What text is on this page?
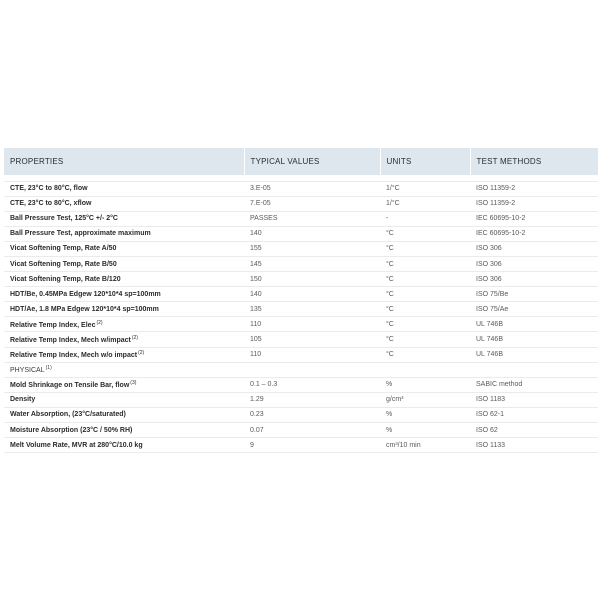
PROPERTIES	TYPICAL VALUES	UNITS	TEST METHODS

CTE, 23°C to 80°C, flow	3.E-05	1/°C	ISO 11359-2
CTE, 23°C to 80°C, xflow	7.E-05	1/°C	ISO 11359-2
Ball Pressure Test, 125°C +/- 2°C	PASSES	-	IEC 60695-10-2
Ball Pressure Test, approximate maximum	140	°C	IEC 60695-10-2
Vicat Softening Temp, Rate A/50	155	°C	ISO 306
Vicat Softening Temp, Rate B/50	145	°C	ISO 306
Vicat Softening Temp, Rate B/120	150	°C	ISO 306
HDT/Be, 0.45MPa Edgew 120*10*4 sp=100mm	140	°C	ISO 75/Be
HDT/Ae, 1.8 MPa Edgew 120*10*4 sp=100mm	135	°C	ISO 75/Ae
Relative Temp Index, Elec$^{(2)}$	110	°C	UL 746B
Relative Temp Index, Mech w/impact$^{(2)}$	105	°C	UL 746B
Relative Temp Index, Mech w/o impact$^{(2)}$	110	°C	UL 746B
PHYSICAL$^{(1)}$			
Mold Shrinkage on Tensile Bar, flow$^{(3)}$	0.1 – 0.3	%	SABIC method
Density	1.29	g/cm³	ISO 1183
Water Absorption, (23°C/saturated)	0.23	%	ISO 62-1
Moisture Absorption (23°C / 50% RH)	0.07	%	ISO 62
Melt Volume Rate, MVR at 280°C/10.0 kg	9	cm³/10 min	ISO 1133
